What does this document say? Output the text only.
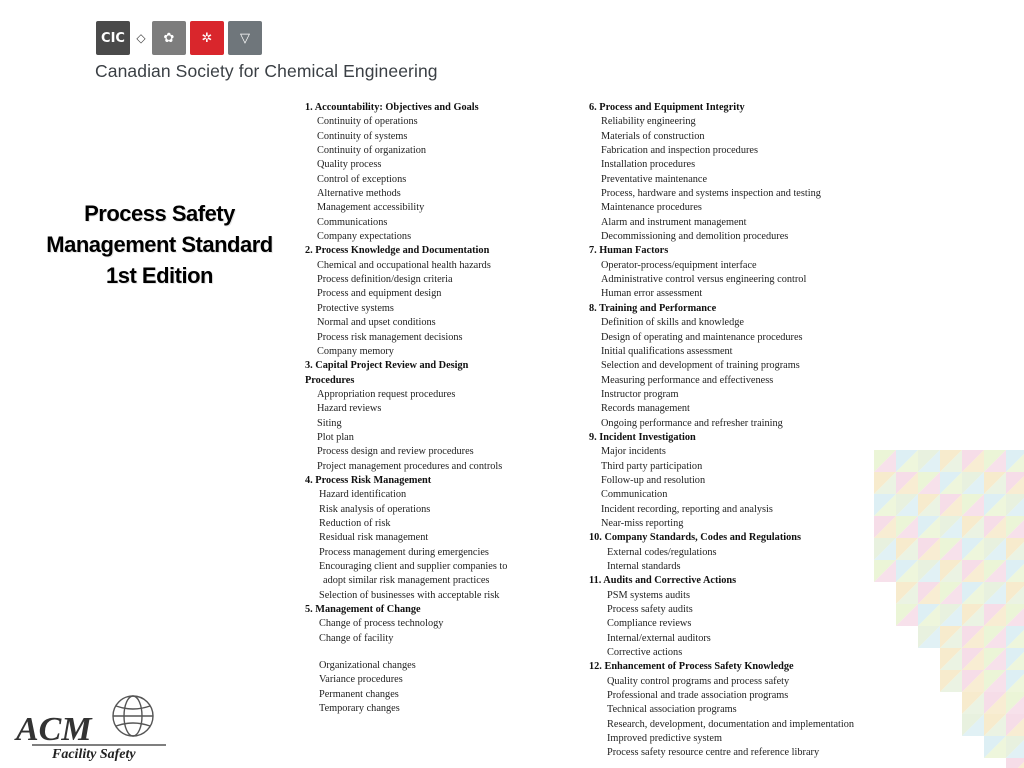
CIC ◇	✿	✲	▽
Canadian Society for Chemical Engineering
Process Safety
Management Standard
1st Edition
1. Accountability: Objectives and Goals
Continuity of operations
Continuity of systems
Continuity of organization
Quality process
Control of exceptions
Alternative methods
Management accessibility
Communications
Company expectations
2. Process Knowledge and Documentation
Chemical and occupational health hazards
Process definition/design criteria
Process and equipment design
Protective systems
Normal and upset conditions
Process risk management decisions
Company memory
3. Capital Project Review and Design
Procedures
Appropriation request procedures
Hazard reviews
Siting
Plot plan
Process design and review procedures
Project management procedures and controls
4. Process Risk Management
Hazard identification
Risk analysis of operations
Reduction of risk
Residual risk management
Process management during emergencies
Encouraging client and supplier companies to
adopt similar risk management practices
Selection of businesses with acceptable risk
5. Management of Change
Change of process technology
Change of facility
Organizational changes
Variance procedures
Permanent changes
Temporary changes
6. Process and Equipment Integrity
Reliability engineering
Materials of construction
Fabrication and inspection procedures
Installation procedures
Preventative maintenance
Process, hardware and systems inspection and testing
Maintenance procedures
Alarm and instrument management
Decommissioning and demolition procedures
7. Human Factors
Operator-process/equipment interface
Administrative control versus engineering control
Human error assessment
8. Training and Performance
Definition of skills and knowledge
Design of operating and maintenance procedures
Initial qualifications assessment
Selection and development of training programs
Measuring performance and effectiveness
Instructor program
Records management
Ongoing performance and refresher training
9. Incident Investigation
Major incidents
Third party participation
Follow-up and resolution
Communication
Incident recording, reporting and analysis
Near-miss reporting
10. Company Standards, Codes and Regulations
External codes/regulations
Internal standards
11. Audits and Corrective Actions
PSM systems audits
Process safety audits
Compliance reviews
Internal/external auditors
Corrective actions
12. Enhancement of Process Safety Knowledge
Quality control programs and process safety
Professional and trade association programs
Technical association programs
Research, development, documentation and implementation
Improved predictive system
Process safety resource centre and reference library
ACM
Facility Safety
